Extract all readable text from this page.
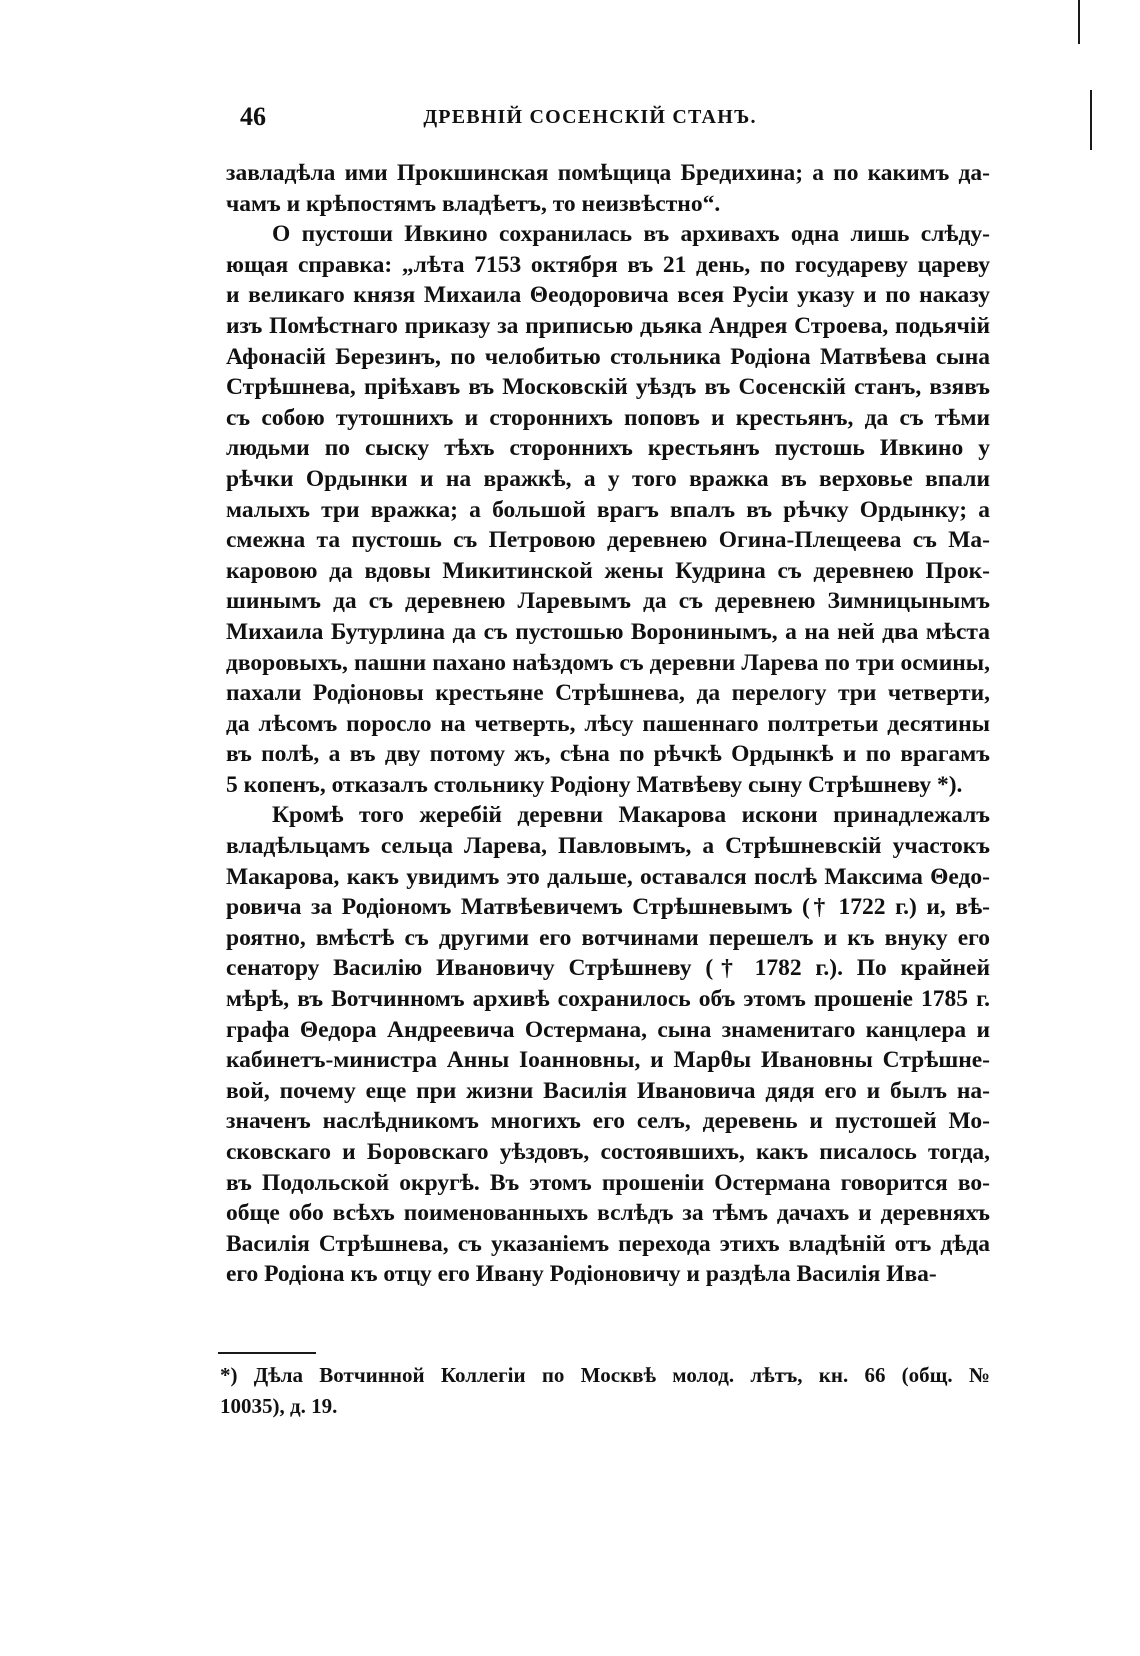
46	ДРЕВНІЙ СОСЕНСКІЙ СТАНЪ.
завладѣла ими Прокшинская помѣщица Бредихина; а по какимъ да-
чамъ и крѣпостямъ владѣетъ, то неизвѣстно“.
О пустоши Ивкино сохранилась въ архивахъ одна лишь слѣду-
ющая справка: „лѣта 7153 октября въ 21 день, по государеву цареву
и великаго князя Михаила Θеодоровича всея Русіи указу и по наказу
изъ Помѣстнаго приказу за приписью дьяка Андрея Строева, подьячій
Афонасій Березинъ, по челобитью стольника Родіона Матвѣева сына
Стрѣшнева, пріѣхавъ въ Московскій уѣздъ въ Сосенскій станъ, взявъ
съ собою тутошнихъ и стороннихъ поповъ и крестьянъ, да съ тѣми
людьми по сыску тѣхъ стороннихъ крестьянъ пустошь Ивкино у
рѣчки Ордынки и на вражкѣ, а у того вражка въ верховье впали
малыхъ три вражка; а большой врагъ впалъ въ рѣчку Ордынку; а
смежна та пустошь съ Петровою деревнею Огина-Плещеева съ Ма-
каровою да вдовы Микитинской жены Кудрина съ деревнею Прок-
шинымъ да съ деревнею Ларевымъ да съ деревнею Зимницынымъ
Михаила Бутурлина да съ пустошью Воронинымъ, а на ней два мѣста
дворовыхъ, пашни пахано наѣздомъ съ деревни Ларева по три осмины,
пахали Родіоновы крестьяне Стрѣшнева, да перелогу три четверти,
да лѣсомъ поросло на четверть, лѣсу пашеннаго полтретьи десятины
въ полѣ, а въ дву потому жъ, сѣна по рѣчкѣ Ордынкѣ и по врагамъ
5 копенъ, отказалъ стольнику Родіону Матвѣеву сыну Стрѣшневу *).
Кромѣ того жеребій деревни Макарова искони принадлежалъ
владѣльцамъ сельца Ларева, Павловымъ, а Стрѣшневскій участокъ
Макарова, какъ увидимъ это дальше, оставался послѣ Максима Θедо-
ровича за Родіономъ Матвѣевичемъ Стрѣшневымъ († 1722 г.) и, вѣ-
роятно, вмѣстѣ съ другими его вотчинами перешелъ и къ внуку его
сенатору Василію Ивановичу Стрѣшневу († 1782 г.). По крайней
мѣрѣ, въ Вотчинномъ архивѣ сохранилось объ этомъ прошеніе 1785 г.
графа Θедора Андреевича Остермана, сына знаменитаго канцлера и
кабинетъ-министра Анны Іоанновны, и Марθы Ивановны Стрѣшне-
вой, почему еще при жизни Василія Ивановича дядя его и былъ на-
значенъ наслѣдникомъ многихъ его селъ, деревень и пустошей Мо-
сковскаго и Боровскаго уѣздовъ, состоявшихъ, какъ писалось тогда,
въ Подольской округѣ. Въ этомъ прошеніи Остермана говорится во-
обще обо всѣхъ поименованныхъ вслѣдъ за тѣмъ дачахъ и деревняхъ
Василія Стрѣшнева, съ указаніемъ перехода этихъ владѣній отъ дѣда
его Родіона къ отцу его Ивану Родіоновичу и раздѣла Василія Ива-
*) Дѣла Вотчинной Коллегіи по Москвѣ молод. лѣтъ, кн. 66 (общ. №
10035), д. 19.
